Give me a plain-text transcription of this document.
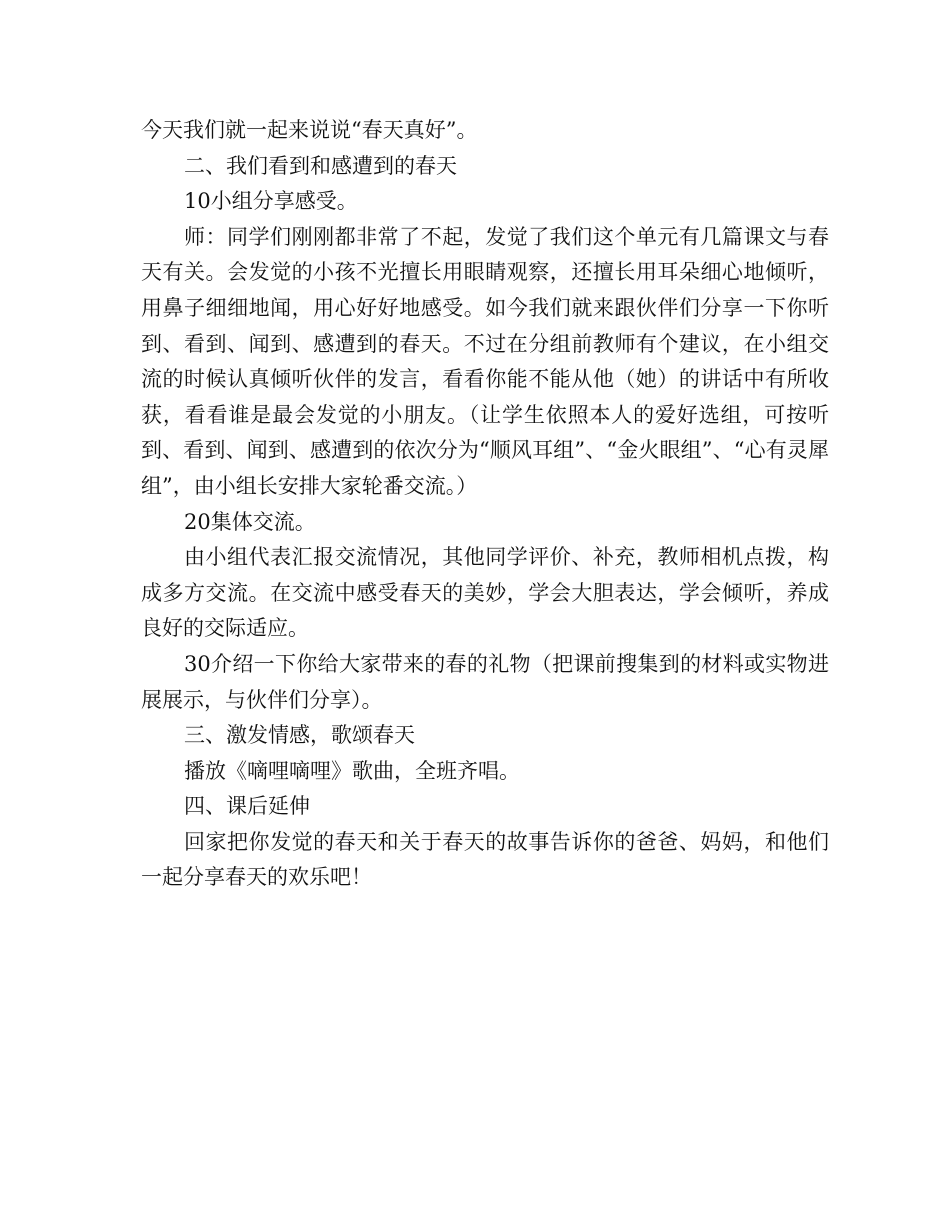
今天我们就一起来说说“春天真好”。

二、我们看到和感遭到的春天

10小组分享感受。

师：同学们刚刚都非常了不起，发觉了我们这个单元有几篇课文与春天有关。会发觉的小孩不光擅长用眼睛观察，还擅长用耳朵细心地倾听，用鼻子细细地闻，用心好好地感受。如今我们就来跟伙伴们分享一下你听到、看到、闻到、感遭到的春天。不过在分组前教师有个建议，在小组交流的时候认真倾听伙伴的发言，看看你能不能从他（她）的讲话中有所收获，看看谁是最会发觉的小朋友。（让学生依照本人的爱好选组，可按听到、看到、闻到、感遭到的依次分为“顺风耳组”、“金火眼组”、“心有灵犀组”，由小组长安排大家轮番交流。）

20集体交流。

由小组代表汇报交流情况，其他同学评价、补充，教师相机点拨，构成多方交流。在交流中感受春天的美妙，学会大胆表达，学会倾听，养成良好的交际适应。

30介绍一下你给大家带来的春的礼物（把课前搜集到的材料或实物进展展示，与伙伴们分享）。

三、激发情感，歌颂春天

播放《嘀哩嘀哩》歌曲，全班齐唱。

四、课后延伸

回家把你发觉的春天和关于春天的故事告诉你的爸爸、妈妈，和他们一起分享春天的欢乐吧！
